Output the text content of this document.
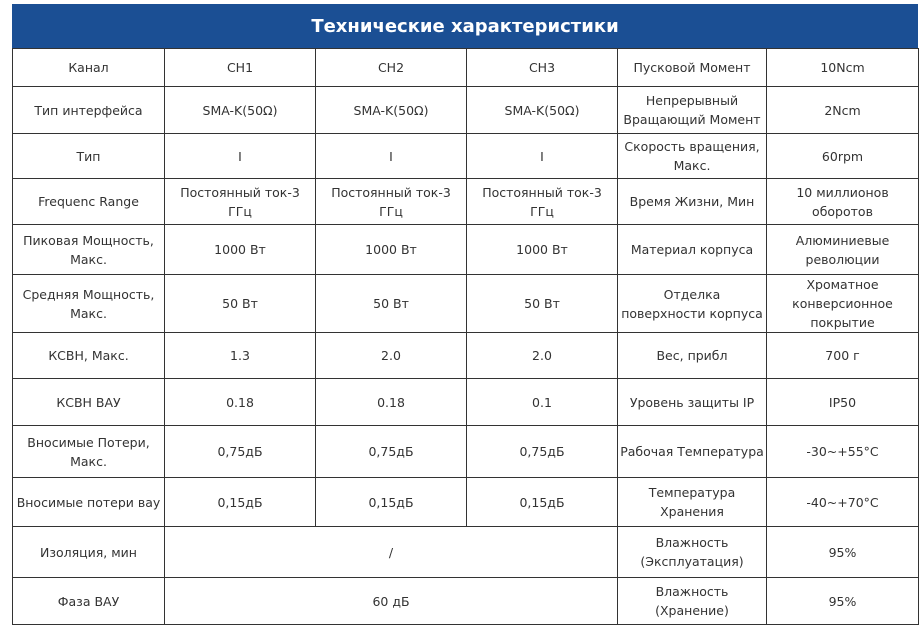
Технические характеристики
Канал	CH1	CH2	CH3	Пусковой Момент	10Ncm
Тип интерфейса	SMA-K(50Ω)	SMA-K(50Ω)	SMA-K(50Ω)	Непрерывный Вращающий Момент	2Ncm
Тип	I	I	I	Скорость вращения, Макс.	60rpm
Frequenc Range	Постоянный ток-3 ГГц	Постоянный ток-3 ГГц	Постоянный ток-3 ГГц	Время Жизни, Мин	10 миллионов оборотов
Пиковая Мощность, Макс.	1000 Вт	1000 Вт	1000 Вт	Материал корпуса	Алюминиевые революции
Средняя Мощность, Макс.	50 Вт	50 Вт	50 Вт	Отделка поверхности корпуса	Хроматное конверсионное покрытие
КСВН, Макс.	1.3	2.0	2.0	Вес, прибл	700 г
КСВН ВАУ	0.18	0.18	0.1	Уровень защиты IP	IP50
Вносимые Потери, Макс.	0,75дБ	0,75дБ	0,75дБ	Рабочая Температура	-30~+55°C
Вносимые потери вау	0,15дБ	0,15дБ	0,15дБ	Температура Хранения	-40~+70°C
Изоляция, мин	/			Влажность (Эксплуатация)	95%
Фаза ВАУ	60 дБ			Влажность (Хранение)	95%
